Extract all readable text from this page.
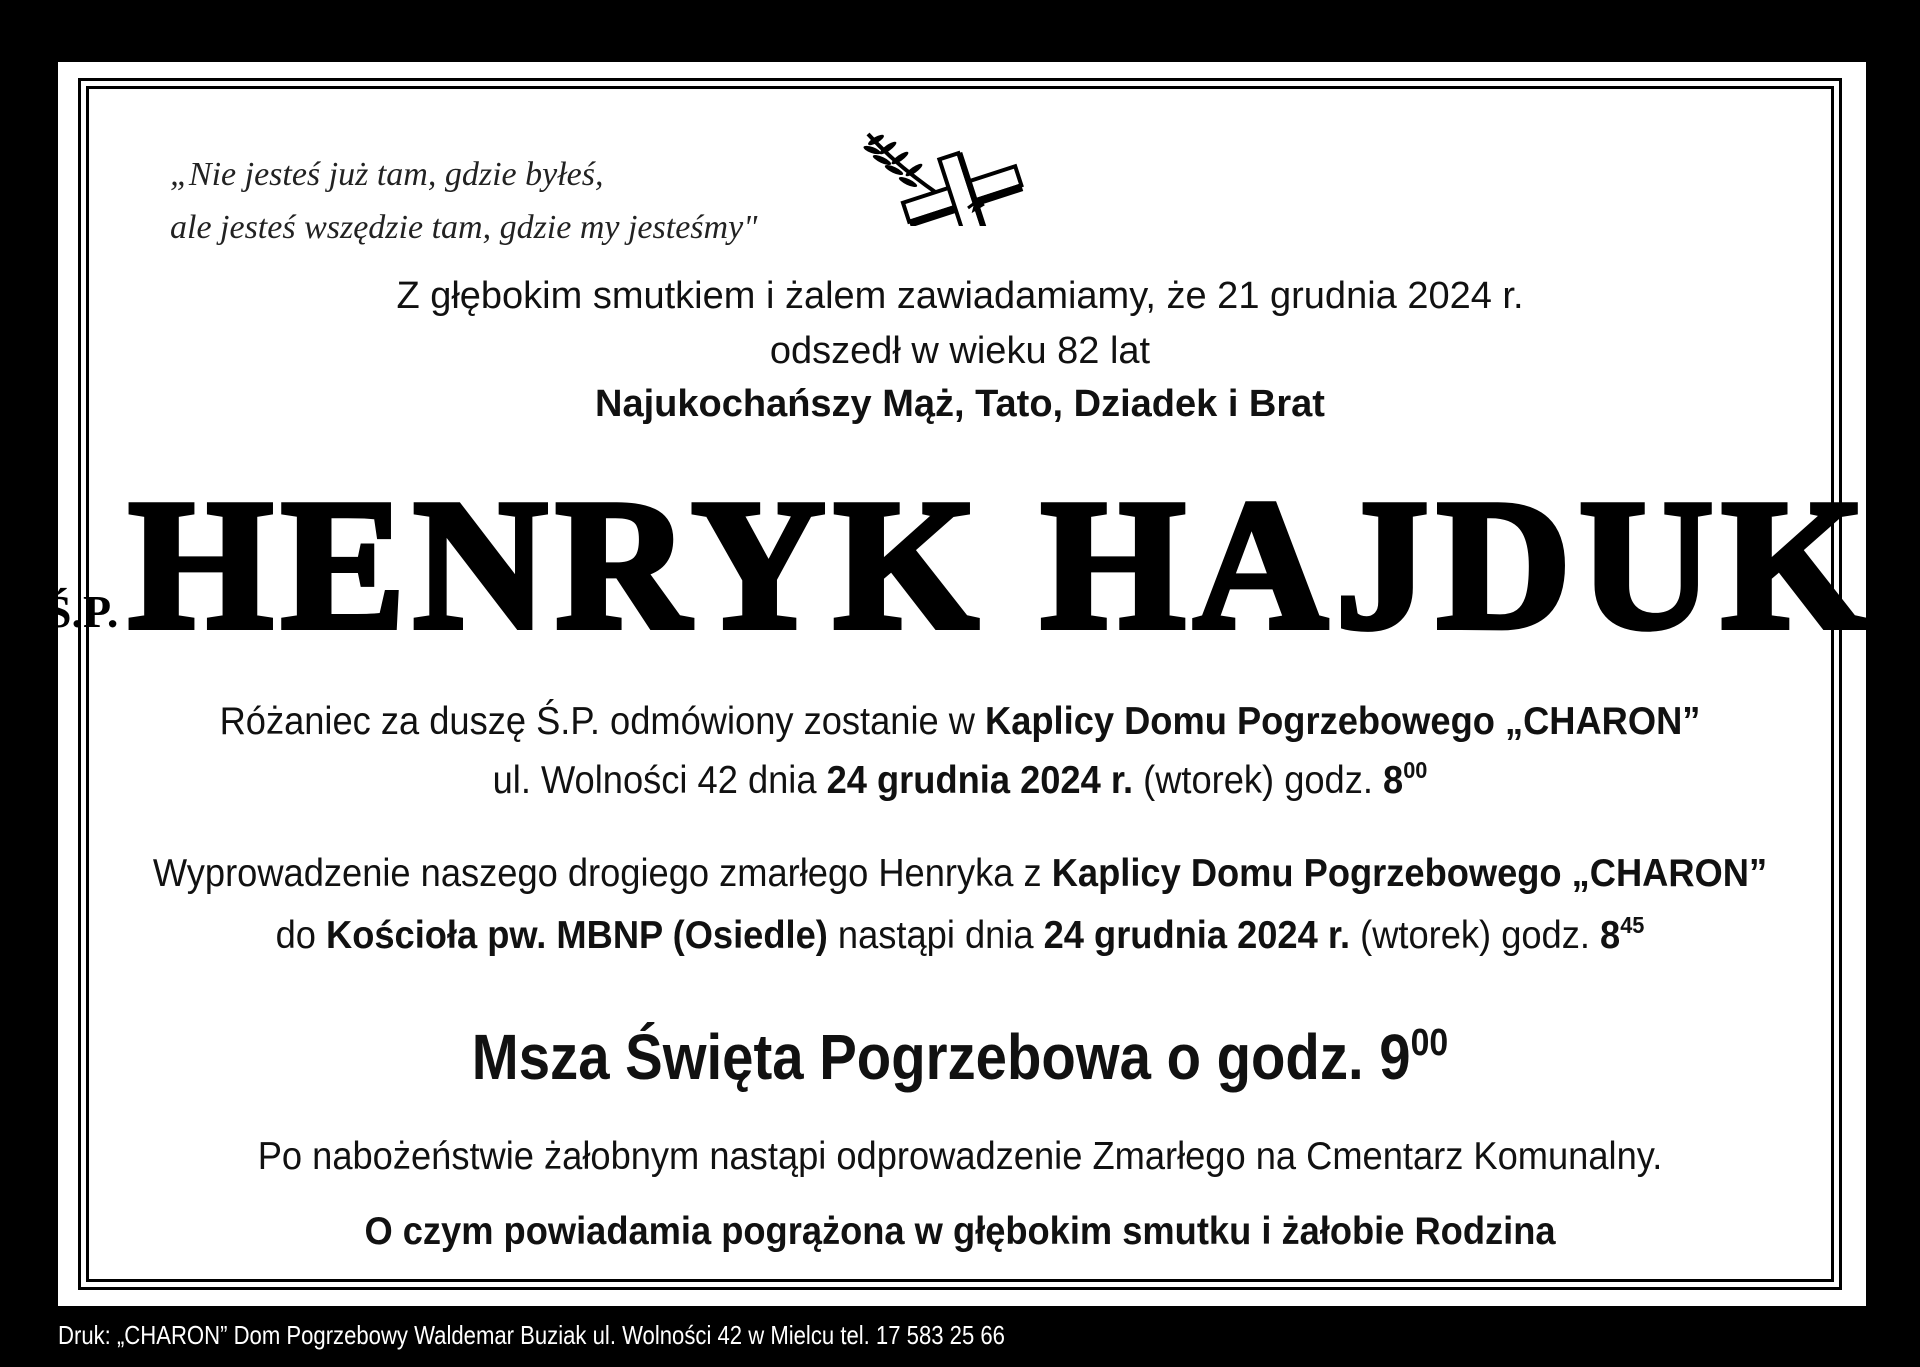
„Nie jesteś już tam, gdzie byłeś,
ale jesteś wszędzie tam, gdzie my jesteśmy"
Z głębokim smutkiem i żalem zawiadamiamy, że 21 grudnia 2024 r.
odszedł w wieku 82 lat
Najukochańszy Mąż, Tato, Dziadek i Brat
Ś.P.HENRYK HAJDUK
Różaniec za duszę Ś.P. odmówiony zostanie w Kaplicy Domu Pogrzebowego „CHARON”
ul. Wolności 42 dnia 24 grudnia 2024 r. (wtorek) godz. $8^{00}$
Wyprowadzenie naszego drogiego zmarłego Henryka z Kaplicy Domu Pogrzebowego „CHARON”
do Kościoła pw. MBNP (Osiedle) nastąpi dnia 24 grudnia 2024 r. (wtorek) godz. $8^{45}$
Msza Święta Pogrzebowa o godz. $9^{00}$
Po nabożeństwie żałobnym nastąpi odprowadzenie Zmarłego na Cmentarz Komunalny.
O czym powiadamia pogrążona w głębokim smutku i żałobie Rodzina
Druk: „CHARON” Dom Pogrzebowy Waldemar Buziak ul. Wolności 42 w Mielcu tel. 17 583 25 66
